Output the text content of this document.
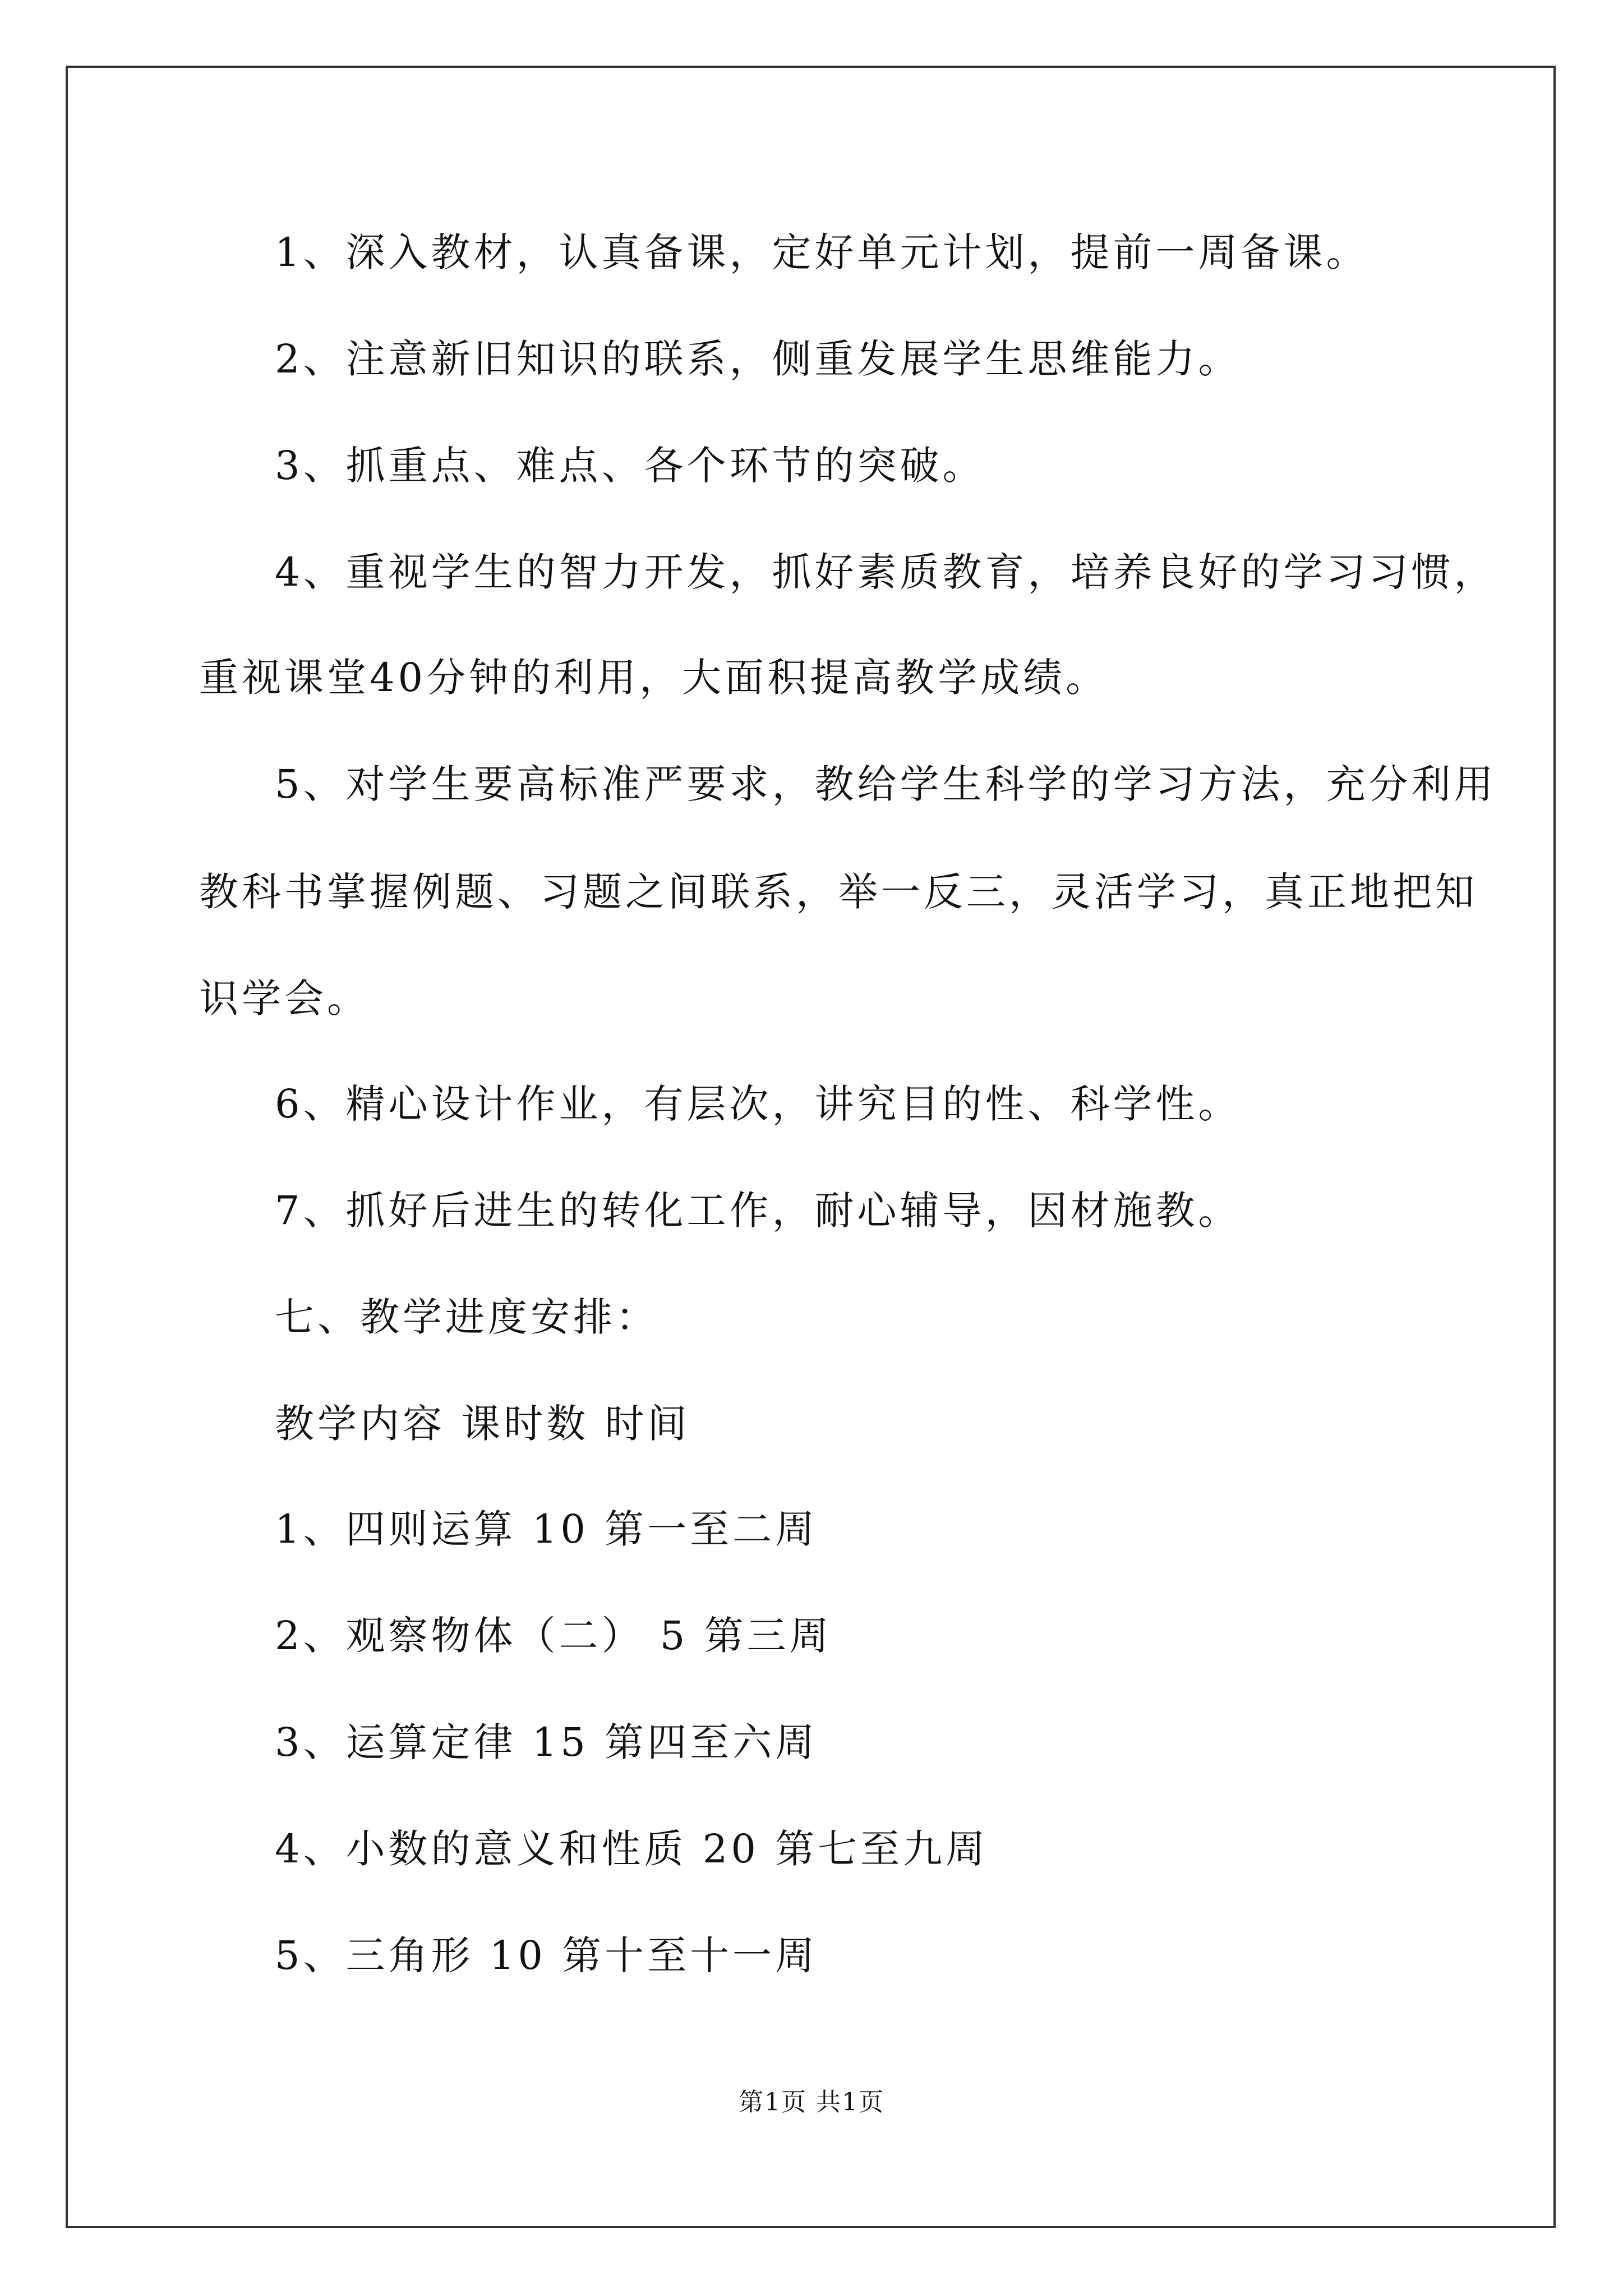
1、深入教材，认真备课，定好单元计划，提前一周备课。
2、注意新旧知识的联系，侧重发展学生思维能力。
3、抓重点、难点、各个环节的突破。
4、重视学生的智力开发，抓好素质教育，培养良好的学习习惯，
重视课堂40分钟的利用，大面积提高教学成绩。
5、对学生要高标准严要求，教给学生科学的学习方法，充分利用
教科书掌握例题、习题之间联系，举一反三，灵活学习，真正地把知
识学会。
6、精心设计作业，有层次，讲究目的性、科学性。
7、抓好后进生的转化工作，耐心辅导，因材施教。
七、教学进度安排：
教学内容 课时数 时间
1、四则运算 10 第一至二周
2、观察物体（二） 5 第三周
3、运算定律 15 第四至六周
4、小数的意义和性质 20 第七至九周
5、三角形 10 第十至十一周
第1页 共1页
